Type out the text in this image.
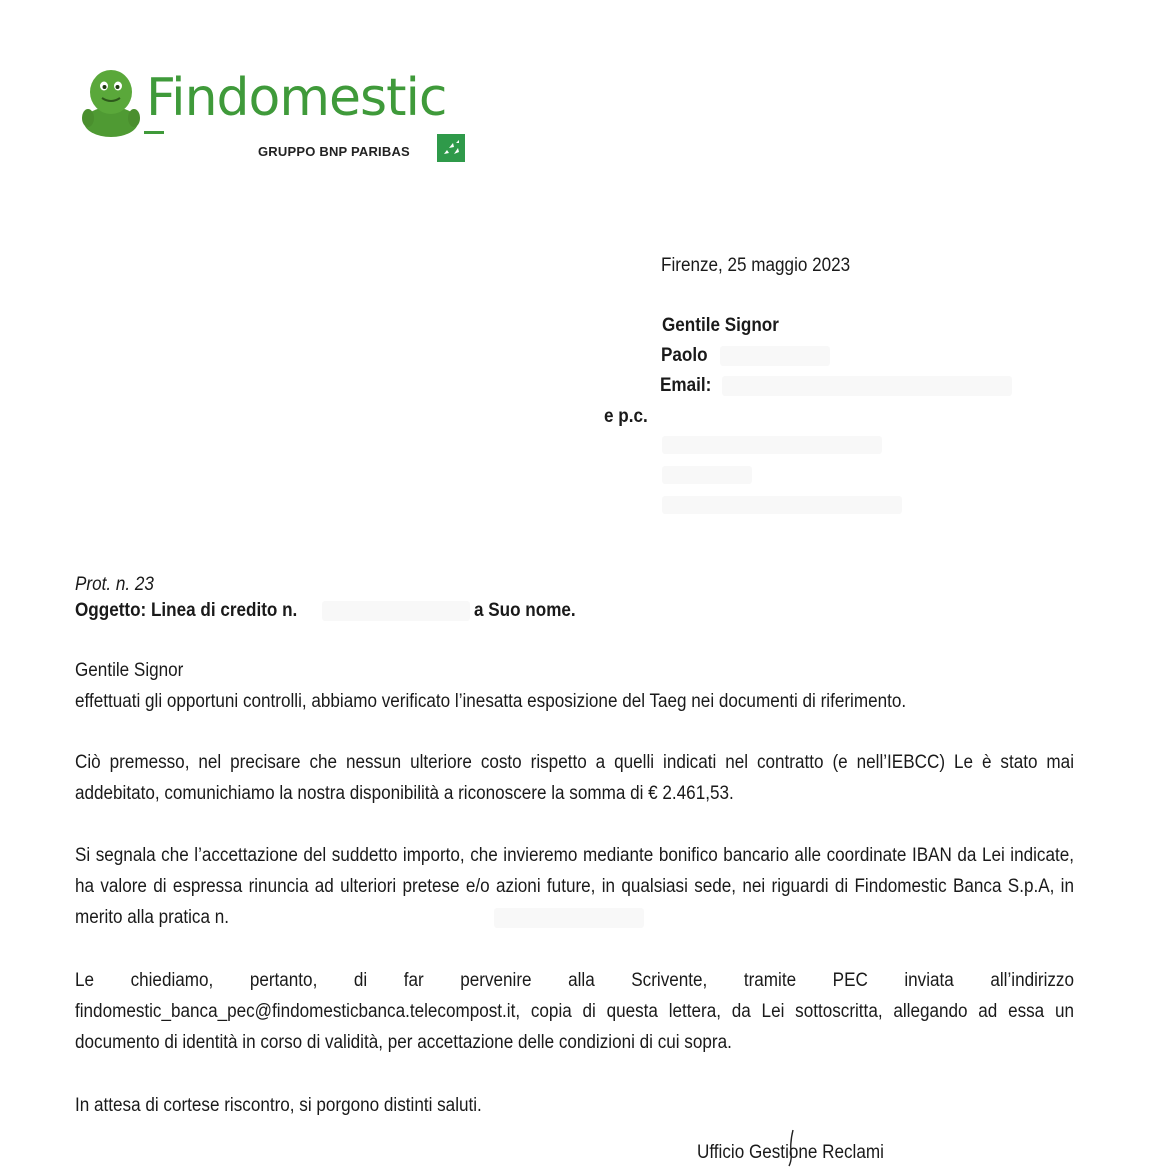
Findomestic
GRUPPO BNP PARIBAS
Firenze, 25 maggio 2023
Gentile Signor
Paolo
Email:
e p.c.
Prot. n. 23
Oggetto: Linea di credito n.	a Suo nome.
Gentile Signor
effettuati gli opportuni controlli, abbiamo verificato l’inesatta esposizione del Taeg nei documenti di riferimento.
Ciò premesso, nel precisare che nessun ulteriore costo rispetto a quelli indicati nel contratto (e nell’IEBCC) Le è stato mai addebitato, comunichiamo la nostra disponibilità a riconoscere la somma di € 2.461,53.
Si segnala che l’accettazione del suddetto importo, che invieremo mediante bonifico bancario alle coordinate IBAN da Lei indicate, ha valore di espressa rinuncia ad ulteriori pretese e/o azioni future, in qualsiasi sede, nei riguardi di Findomestic Banca S.p.A, in merito alla pratica n.
Le chiediamo, pertanto, di far pervenire alla Scrivente, tramite PEC inviata all’indirizzo findomestic_banca_pec@findomesticbanca.telecompost.it, copia di questa lettera, da Lei sottoscritta, allegando ad essa un documento di identità in corso di validità, per accettazione delle condizioni di cui sopra.
In attesa di cortese riscontro, si porgono distinti saluti.
Ufficio Gestione Reclami
